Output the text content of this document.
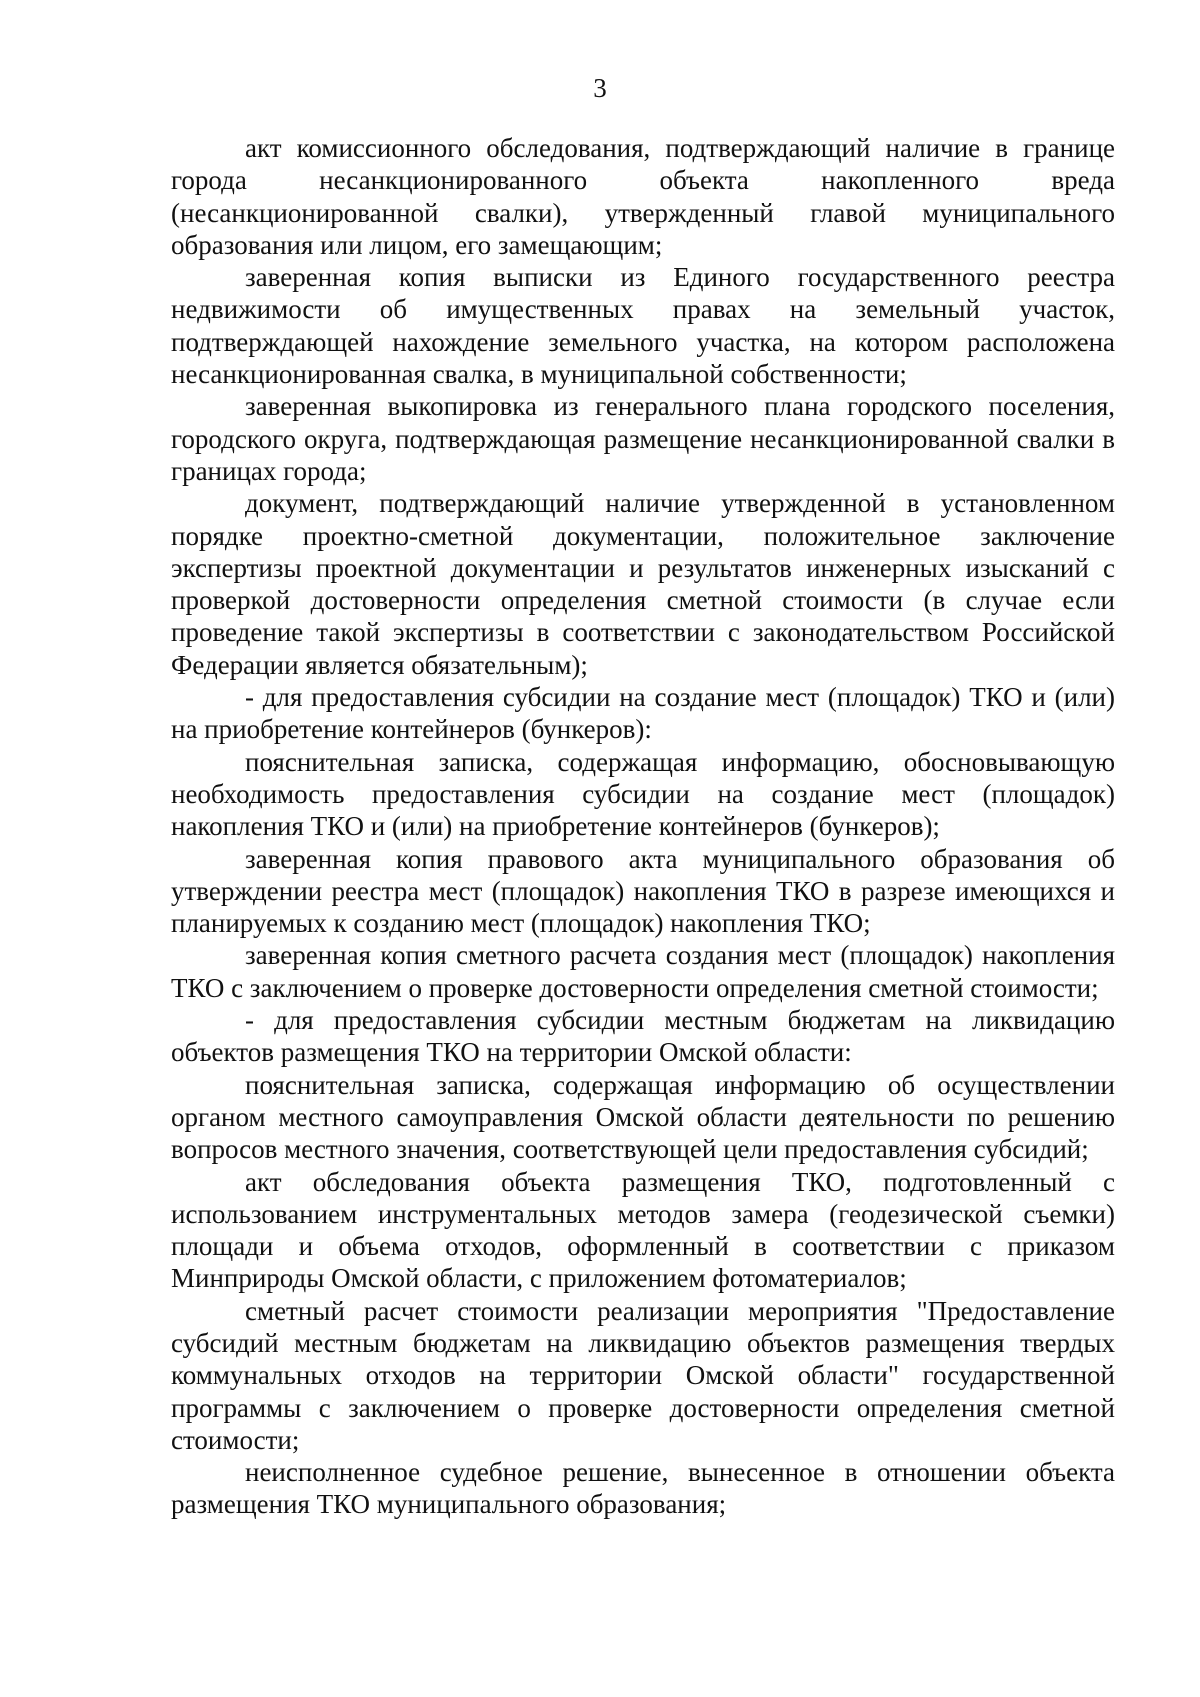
3

акт комиссионного обследования, подтверждающий наличие в границе города несанкционированного объекта накопленного вреда (несанкционированной свалки), утвержденный главой муниципального образования или лицом, его замещающим;

заверенная копия выписки из Единого государственного реестра недвижимости об имущественных правах на земельный участок, подтверждающей нахождение земельного участка, на котором расположена несанкционированная свалка, в муниципальной собственности;

заверенная выкопировка из генерального плана городского поселения, городского округа, подтверждающая размещение несанкционированной свалки в границах города;

документ, подтверждающий наличие утвержденной в установленном порядке проектно-сметной документации, положительное заключение экспертизы проектной документации и результатов инженерных изысканий с проверкой достоверности определения сметной стоимости (в случае если проведение такой экспертизы в соответствии с законодательством Российской Федерации является обязательным);

- для предоставления субсидии на создание мест (площадок) ТКО и (или) на приобретение контейнеров (бункеров):

пояснительная записка, содержащая информацию, обосновывающую необходимость предоставления субсидии на создание мест (площадок) накопления ТКО и (или) на приобретение контейнеров (бункеров);

заверенная копия правового акта муниципального образования об утверждении реестра мест (площадок) накопления ТКО в разрезе имеющихся и планируемых к созданию мест (площадок) накопления ТКО;

заверенная копия сметного расчета создания мест (площадок) накопления ТКО с заключением о проверке достоверности определения сметной стоимости;

- для предоставления субсидии местным бюджетам на ликвидацию объектов размещения ТКО на территории Омской области:

пояснительная записка, содержащая информацию об осуществлении органом местного самоуправления Омской области деятельности по решению вопросов местного значения, соответствующей цели предоставления субсидий;

акт обследования объекта размещения ТКО, подготовленный с использованием инструментальных методов замера (геодезической съемки) площади и объема отходов, оформленный в соответствии с приказом Минприроды Омской области, с приложением фотоматериалов;

сметный расчет стоимости реализации мероприятия "Предоставление субсидий местным бюджетам на ликвидацию объектов размещения твердых коммунальных отходов на территории Омской области" государственной программы с заключением о проверке достоверности определения сметной стоимости;

неисполненное судебное решение, вынесенное в отношении объекта размещения ТКО муниципального образования;
